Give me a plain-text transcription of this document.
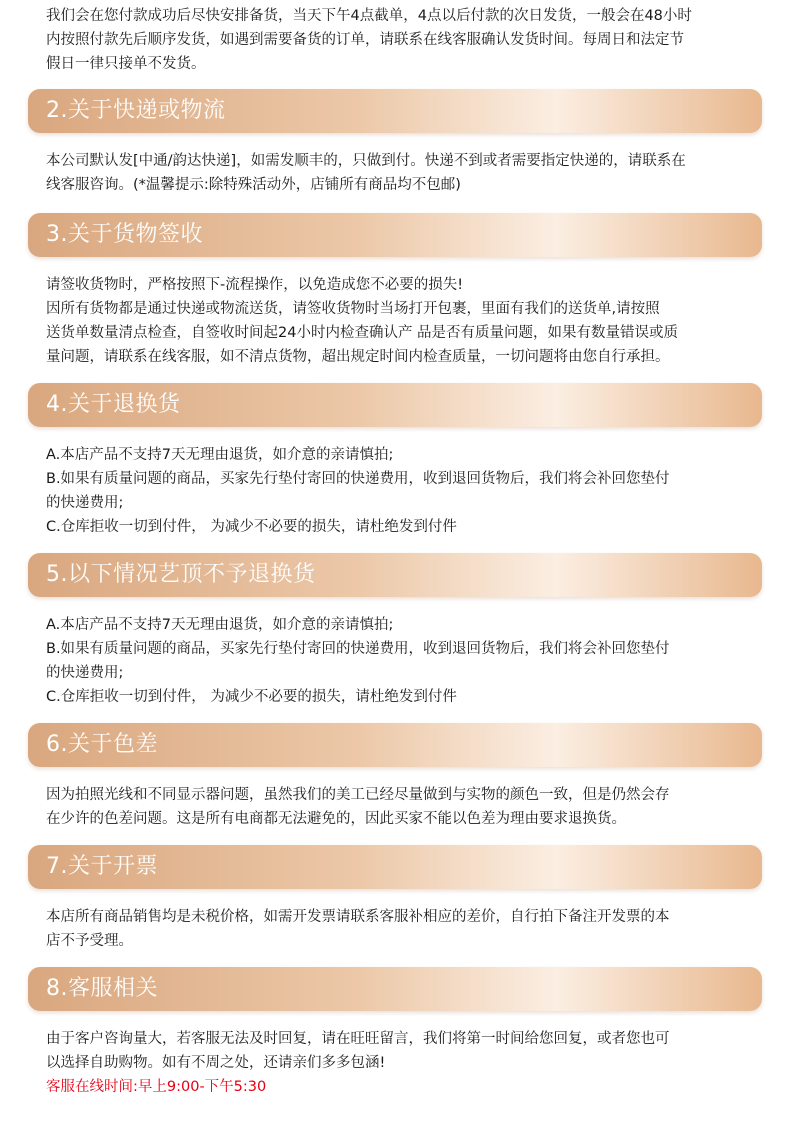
我们会在您付款成功后尽快安排备货，当天下午4点截单，4点以后付款的次日发货，一般会在48小时
内按照付款先后顺序发货，如遇到需要备货的订单，请联系在线客服确认发货时间。每周日和法定节
假日一律只接单不发货。
2.关于快递或物流
本公司默认发[中通/韵达快递]，如需发顺丰的，只做到付。快递不到或者需要指定快递的，请联系在
线客服咨询。(*温馨提示:除特殊活动外，店铺所有商品均不包邮)
3.关于货物签收
请签收货物时，严格按照下-流程操作，以免造成您不必要的损失!
因所有货物都是通过快递或物流送货，请签收货物时当场打开包裹，里面有我们的送货单,请按照
送货单数量清点检查，自签收时间起24小时内检查确认产 品是否有质量问题，如果有数量错误或质
量问题，请联系在线客服，如不清点货物，超出规定时间内检查质量，一切问题将由您自行承担。
4.关于退换货
A.本店产品不支持7天无理由退货，如介意的亲请慎拍;
B.如果有质量问题的商品，买家先行垫付寄回的快递费用，收到退回货物后，我们将会补回您垫付
的快递费用;
C.仓库拒收一切到付件， 为减少不必要的损失，请杜绝发到付件
5.以下情况艺顶不予退换货
A.本店产品不支持7天无理由退货，如介意的亲请慎拍;
B.如果有质量问题的商品，买家先行垫付寄回的快递费用，收到退回货物后，我们将会补回您垫付
的快递费用;
C.仓库拒收一切到付件， 为减少不必要的损失，请杜绝发到付件
6.关于色差
因为拍照光线和不同显示器问题，虽然我们的美工已经尽量做到与实物的颜色一致，但是仍然会存
在少许的色差问题。这是所有电商都无法避免的，因此买家不能以色差为理由要求退换货。
7.关于开票
本店所有商品销售均是未税价格，如需开发票请联系客服补相应的差价，自行拍下备注开发票的本
店不予受理。
8.客服相关
由于客户咨询量大，若客服无法及时回复，请在旺旺留言，我们将第一时间给您回复，或者您也可
以选择自助购物。如有不周之处，还请亲们多多包涵!
客服在线时间:早上9:00-下午5:30
